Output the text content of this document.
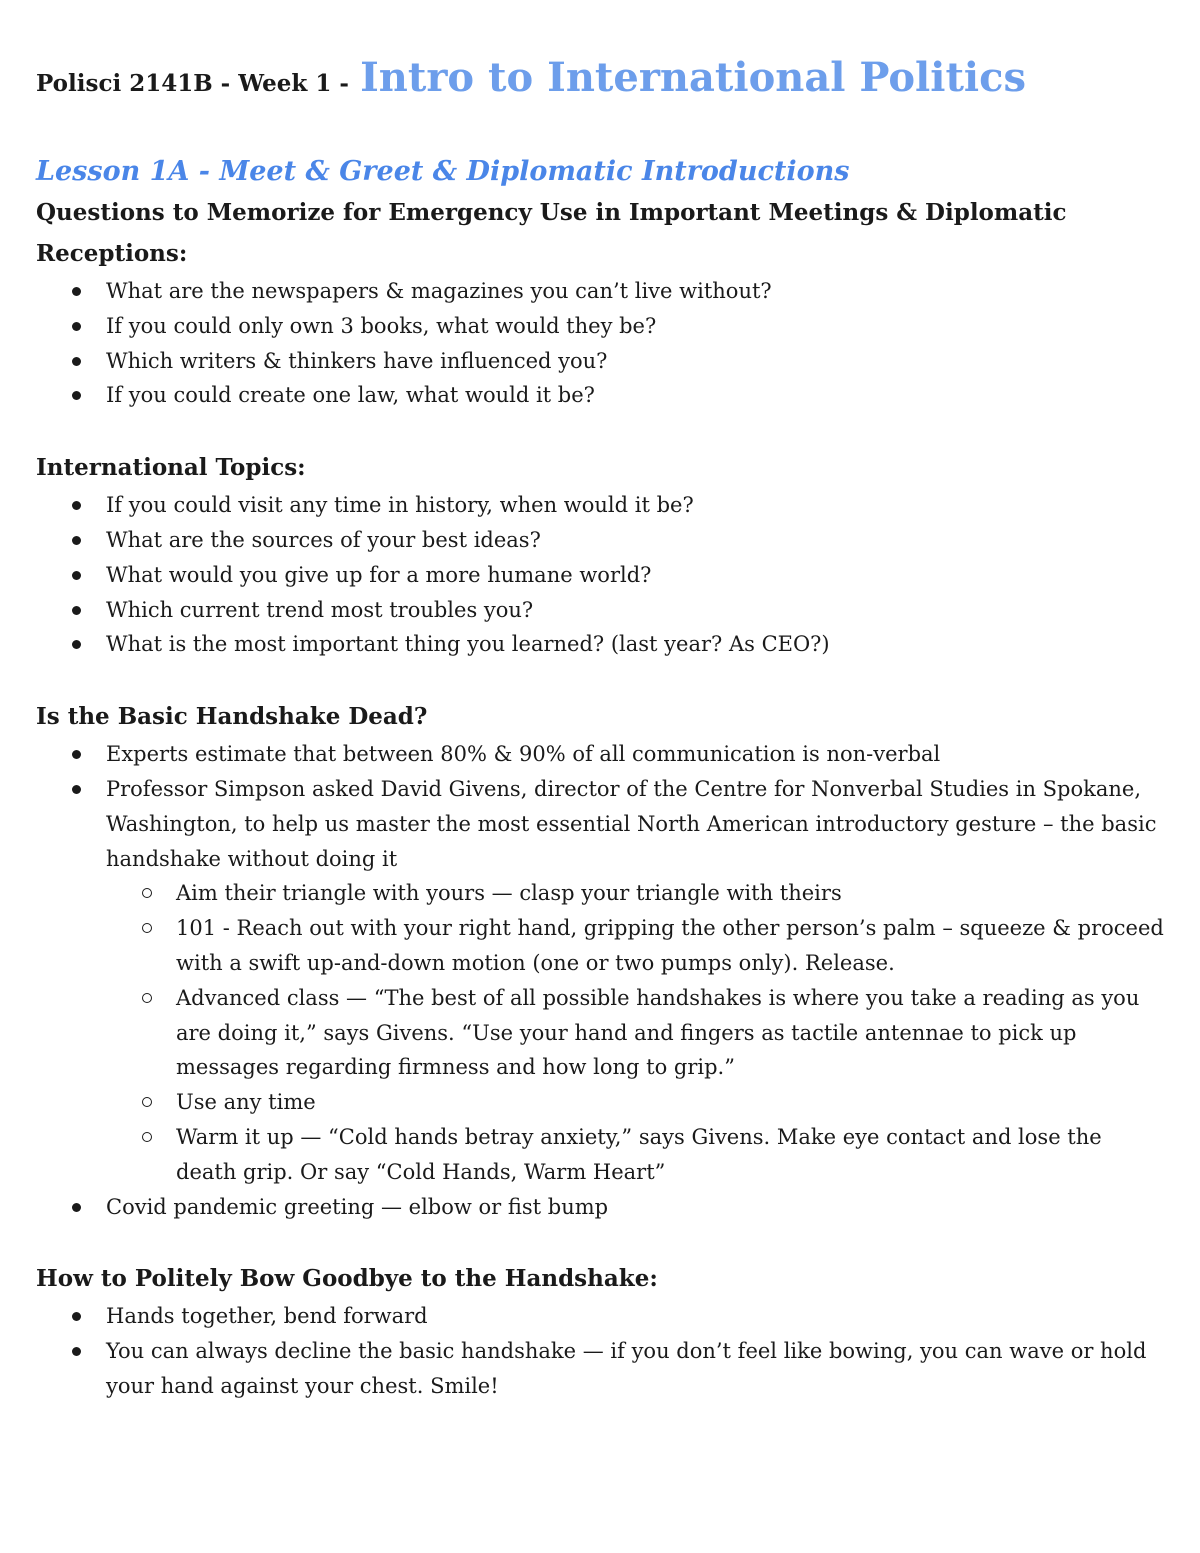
Polisci 2141B - Week 1 - Intro to International Politics
Lesson 1A - Meet & Greet & Diplomatic Introductions
Questions to Memorize for Emergency Use in Important Meetings & Diplomatic Receptions:
What are the newspapers & magazines you can’t live without?
If you could only own 3 books, what would they be?
Which writers & thinkers have influenced you?
If you could create one law, what would it be?
International Topics:
If you could visit any time in history, when would it be?
What are the sources of your best ideas?
What would you give up for a more humane world?
Which current trend most troubles you?
What is the most important thing you learned? (last year? As CEO?)
Is the Basic Handshake Dead?
Experts estimate that between 80% & 90% of all communication is non-verbal
Professor Simpson asked David Givens, director of the Centre for Nonverbal Studies in Spokane, Washington, to help us master the most essential North American introductory gesture – the basic handshake without doing it
Aim their triangle with yours — clasp your triangle with theirs
101 - Reach out with your right hand, gripping the other person’s palm – squeeze & proceed with a swift up-and-down motion (one or two pumps only). Release.
Advanced class — “The best of all possible handshakes is where you take a reading as you are doing it,” says Givens. “Use your hand and fingers as tactile antennae to pick up messages regarding firmness and how long to grip.”
Use any time
Warm it up — “Cold hands betray anxiety,” says Givens. Make eye contact and lose the death grip. Or say “Cold Hands, Warm Heart”
Covid pandemic greeting — elbow or fist bump
How to Politely Bow Goodbye to the Handshake:
Hands together, bend forward
You can always decline the basic handshake — if you don’t feel like bowing, you can wave or hold your hand against your chest. Smile!
